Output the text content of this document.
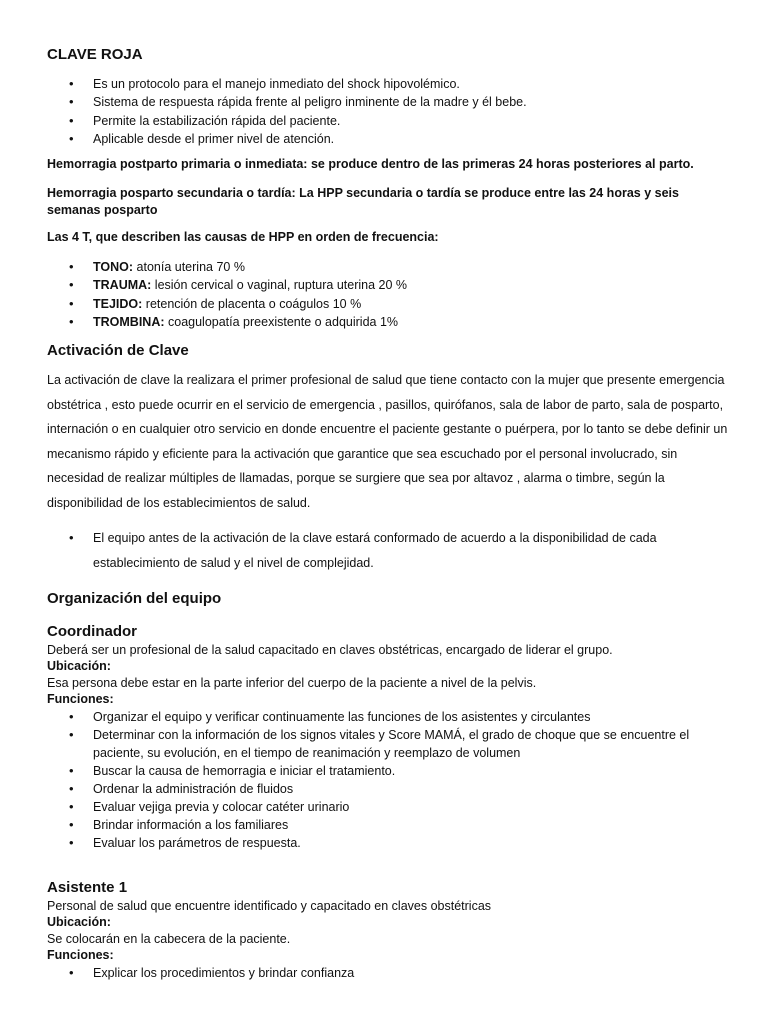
CLAVE ROJA
• Es un protocolo para el manejo inmediato del shock hipovolémico.
• Sistema de respuesta rápida frente al peligro inminente de la madre y él bebe.
• Permite la estabilización rápida del paciente.
• Aplicable desde el primer nivel de atención.

Hemorragia postparto primaria o inmediata: se produce dentro de las primeras 24 horas posteriores al parto.

Hemorragia posparto secundaria o tardía: La HPP secundaria o tardía se produce entre las 24 horas y seis semanas posparto

Las 4 T, que describen las causas de HPP en orden de frecuencia:

• TONO: atonía uterina 70 %
• TRAUMA: lesión cervical o vaginal, ruptura uterina 20 %
• TEJIDO: retención de placenta o coágulos 10 %
• TROMBINA: coagulopatía preexistente o adquirida 1%
Activación de Clave

La activación de clave la realizara el primer profesional de salud que tiene contacto con la mujer que presente emergencia obstétrica , esto puede ocurrir en el servicio de emergencia , pasillos, quirófanos, sala de labor de parto, sala de posparto, internación o en cualquier otro servicio en donde encuentre el paciente gestante o puérpera, por lo tanto se debe definir un mecanismo rápido y eficiente para la activación que garantice que sea escuchado por el personal involucrado, sin necesidad de realizar múltiples de llamadas, porque se surgiere que sea por altavoz , alarma o timbre, según la disponibilidad de los establecimientos de salud.

• El equipo antes de la activación de la clave estará conformado de acuerdo a la disponibilidad de cada establecimiento de salud y el nivel de complejidad.
Organización del equipo
Coordinador

Deberá ser un profesional de la salud capacitado en claves obstétricas, encargado de liderar el grupo.

Ubicación:

Esa persona debe estar en la parte inferior del cuerpo de la paciente a nivel de la pelvis.

Funciones:

• Organizar el equipo y verificar continuamente las funciones de los asistentes y circulantes
• Determinar con la información de los signos vitales y Score MAMÁ, el grado de choque que se encuentre el paciente, su evolución, en el tiempo de reanimación y reemplazo de volumen
• Buscar la causa de hemorragia e iniciar el tratamiento.
• Ordenar la administración de fluidos
• Evaluar vejiga previa y colocar catéter urinario
• Brindar información a los familiares
• Evaluar los parámetros de respuesta.
Asistente 1

Personal de salud que encuentre identificado y capacitado en claves obstétricas

Ubicación:

Se colocarán en la cabecera de la paciente.

Funciones:

• Explicar los procedimientos y brindar confianza
